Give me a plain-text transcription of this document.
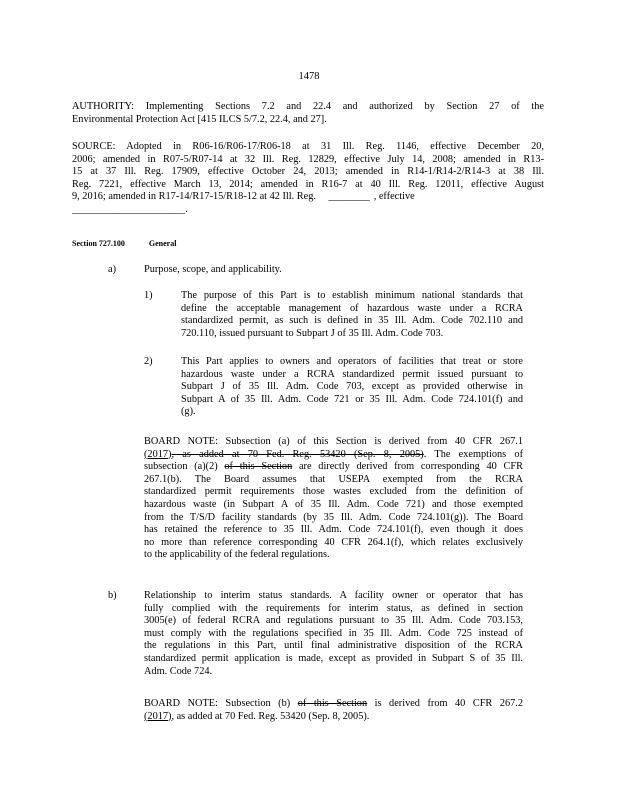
1478
AUTHORITY: Implementing Sections 7.2 and 22.4 and authorized by Section 27 of the
Environmental Protection Act [415 ILCS 5/7.2, 22.4, and 27].
SOURCE: Adopted in R06-16/R06-17/R06-18 at 31 Ill. Reg. 1146, effective December 20,
2006; amended in R07-5/R07-14 at 32 Ill. Reg. 12829, effective July 14, 2008; amended in R13-
15 at 37 Ill. Reg. 17909, effective October 24, 2013; amended in R14-1/R14-2/R14-3 at 38 Ill.
Reg. 7221, effective March 13, 2014; amended in R16-7 at 40 Ill. Reg. 12011, effective August
9, 2016; amended in R17-14/R17-15/R18-12 at 42 Ill. Reg. ________ , effective
______________________.
Section 727.100	General
a)	Purpose, scope, and applicability.
1)	The purpose of this Part is to establish minimum national standards that
define the acceptable management of hazardous waste under a RCRA
standardized permit, as such is defined in 35 Ill. Adm. Code 702.110 and
720.110, issued pursuant to Subpart J of 35 Ill. Adm. Code 703.
2)	This Part applies to owners and operators of facilities that treat or store
hazardous waste under a RCRA standardized permit issued pursuant to
Subpart J of 35 Ill. Adm. Code 703, except as provided otherwise in
Subpart A of 35 Ill. Adm. Code 721 or 35 Ill. Adm. Code 724.101(f) and
(g).
BOARD NOTE: Subsection (a) of this Section is derived from 40 CFR 267.1
(2017), as added at 70 Fed. Reg. 53420 (Sep. 8, 2005). The exemptions of
subsection (a)(2) of this Section are directly derived from corresponding 40 CFR
267.1(b). The Board assumes that USEPA exempted from the RCRA
standardized permit requirements those wastes excluded from the definition of
hazardous waste (in Subpart A of 35 Ill. Adm. Code 721) and those exempted
from the T/S/D facility standards (by 35 Ill. Adm. Code 724.101(g)). The Board
has retained the reference to 35 Ill. Adm. Code 724.101(f), even though it does
no more than reference corresponding 40 CFR 264.1(f), which relates exclusively
to the applicability of the federal regulations.
b)	Relationship to interim status standards. A facility owner or operator that has
fully complied with the requirements for interim status, as defined in section
3005(e) of federal RCRA and regulations pursuant to 35 Ill. Adm. Code 703.153,
must comply with the regulations specified in 35 Ill. Adm. Code 725 instead of
the regulations in this Part, until final administrative disposition of the RCRA
standardized permit application is made, except as provided in Subpart S of 35 Ill.
Adm. Code 724.
BOARD NOTE: Subsection (b) of this Section is derived from 40 CFR 267.2
(2017), as added at 70 Fed. Reg. 53420 (Sep. 8, 2005).
